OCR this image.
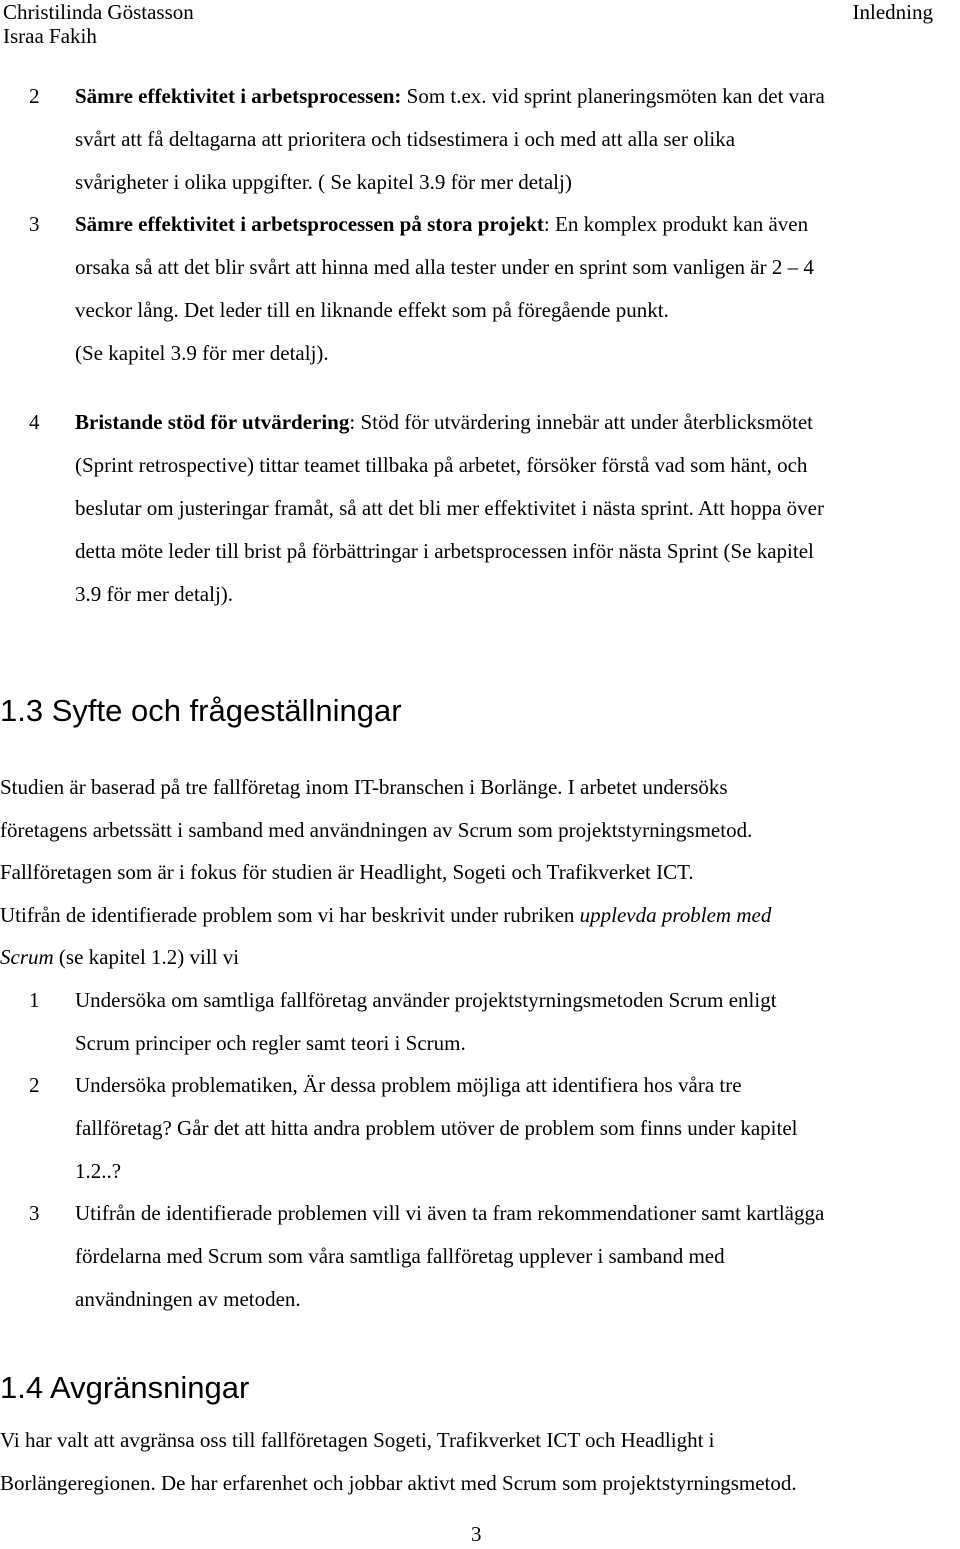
Christilinda Göstasson
Israa Fakih
Inledning
2 Sämre effektivitet i arbetsprocessen: Som t.ex. vid sprint planeringsmöten kan det vara
svårt att få deltagarna att prioritera och tidsestimera i och med att alla ser olika
svårigheter i olika uppgifter. ( Se kapitel 3.9 för mer detalj)
3 Sämre effektivitet i arbetsprocessen på stora projekt: En komplex produkt kan även
orsaka så att det blir svårt att hinna med alla tester under en sprint som vanligen är 2 – 4
veckor lång. Det leder till en liknande effekt som på föregående punkt.
(Se kapitel 3.9 för mer detalj).
4 Bristande stöd för utvärdering: Stöd för utvärdering innebär att under återblicksmötet
(Sprint retrospective) tittar teamet tillbaka på arbetet, försöker förstå vad som hänt, och
beslutar om justeringar framåt, så att det bli mer effektivitet i nästa sprint. Att hoppa över
detta möte leder till brist på förbättringar i arbetsprocessen inför nästa Sprint (Se kapitel
3.9 för mer detalj).
1.3 Syfte och frågeställningar
Studien är baserad på tre fallföretag inom IT-branschen i Borlänge. I arbetet undersöks
företagens arbetssätt i samband med användningen av Scrum som projektstyrningsmetod.
Fallföretagen som är i fokus för studien är Headlight, Sogeti och Trafikverket ICT.
Utifrån de identifierade problem som vi har beskrivit under rubriken upplevda problem med
Scrum (se kapitel 1.2) vill vi
1 Undersöka om samtliga fallföretag använder projektstyrningsmetoden Scrum enligt
Scrum principer och regler samt teori i Scrum.
2 Undersöka problematiken, Är dessa problem möjliga att identifiera hos våra tre
fallföretag? Går det att hitta andra problem utöver de problem som finns under kapitel
1.2..?
3 Utifrån de identifierade problemen vill vi även ta fram rekommendationer samt kartlägga
fördelarna med Scrum som våra samtliga fallföretag upplever i samband med
användningen av metoden.
1.4 Avgränsningar
Vi har valt att avgränsa oss till fallföretagen Sogeti, Trafikverket ICT och Headlight i
Borlängeregionen. De har erfarenhet och jobbar aktivt med Scrum som projektstyrningsmetod.
3
